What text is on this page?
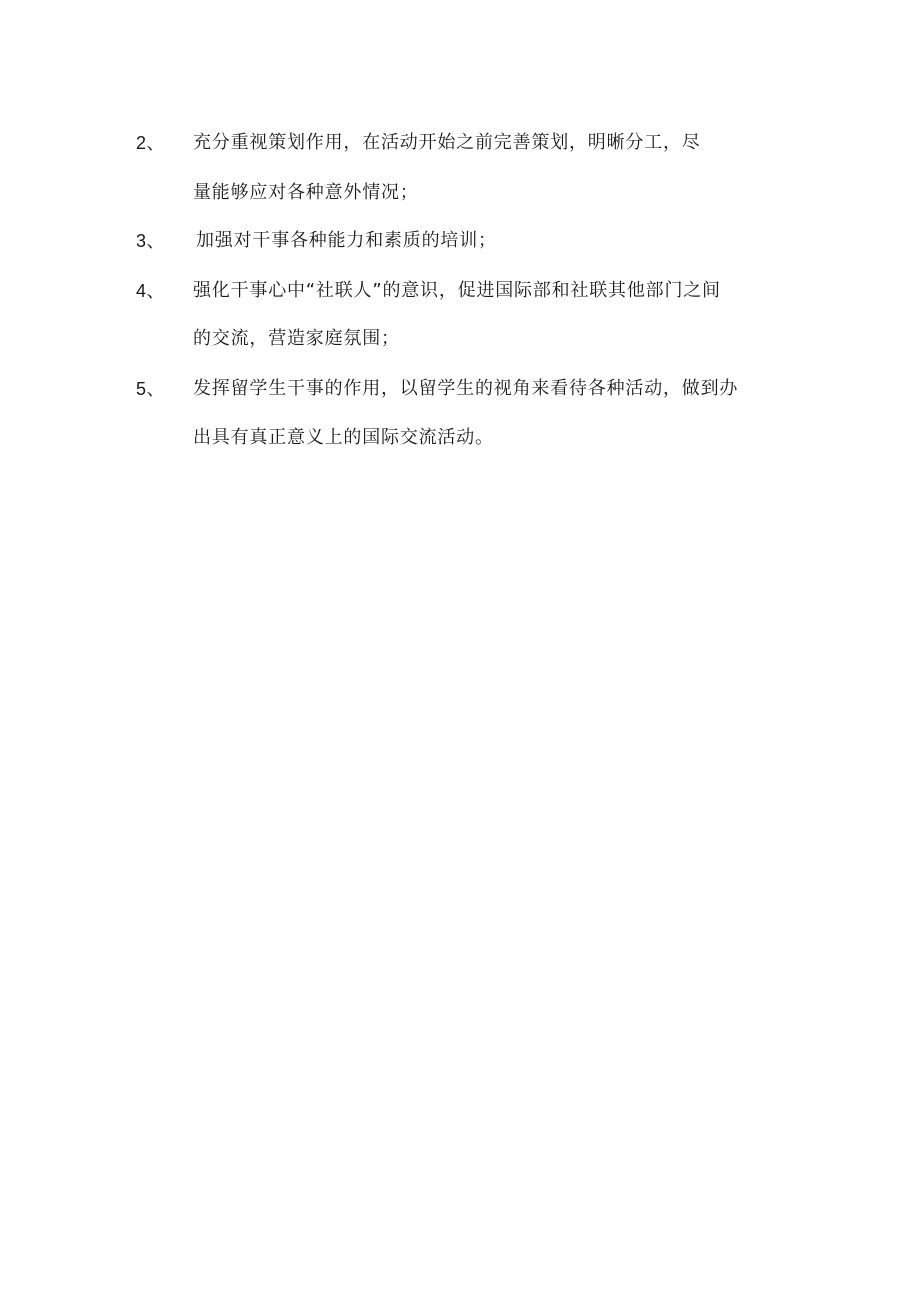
2、 充分重视策划作用，在活动开始之前完善策划，明晰分工，尽
量能够应对各种意外情况；
3、 加强对干事各种能力和素质的培训；
4、 强化干事心中“社联人”的意识，促进国际部和社联其他部门之间
的交流，营造家庭氛围；
5、 发挥留学生干事的作用，以留学生的视角来看待各种活动，做到办
出具有真正意义上的国际交流活动。
